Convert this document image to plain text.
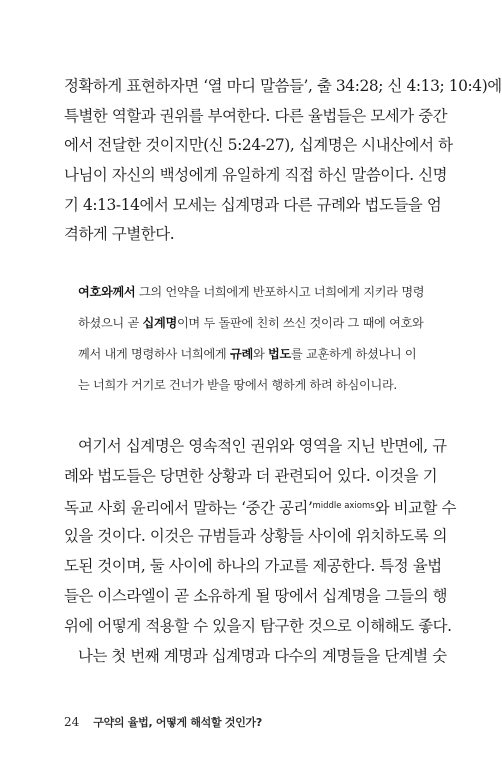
정확하게 표현하자면 ‘열 마디 말씀들’, 출 34:28; 신 4:13; 10:4)에
특별한 역할과 권위를 부여한다. 다른 율법들은 모세가 중간
에서 전달한 것이지만(신 5:24-27), 십계명은 시내산에서 하
나님이 자신의 백성에게 유일하게 직접 하신 말씀이다. 신명
기 4:13-14에서 모세는 십계명과 다른 규례와 법도들을 엄
격하게 구별한다.
여호와께서 그의 언약을 너희에게 반포하시고 너희에게 지키라 명령
하셨으니 곧 십계명이며 두 돌판에 친히 쓰신 것이라 그 때에 여호와
께서 내게 명령하사 너희에게 규례와 법도를 교훈하게 하셨나니 이
는 너희가 거기로 건너가 받을 땅에서 행하게 하려 하심이니라.
여기서 십계명은 영속적인 권위와 영역을 지닌 반면에, 규
례와 법도들은 당면한 상황과 더 관련되어 있다. 이것을 기
독교 사회 윤리에서 말하는 ‘중간 공리’$^{middle axioms}$와 비교할 수
있을 것이다. 이것은 규범들과 상황들 사이에 위치하도록 의
도된 것이며, 둘 사이에 하나의 가교를 제공한다. 특정 율법
들은 이스라엘이 곧 소유하게 될 땅에서 십계명을 그들의 행
위에 어떻게 적용할 수 있을지 탐구한 것으로 이해해도 좋다.
나는 첫 번째 계명과 십계명과 다수의 계명들을 단계별 숫
24 구약의 율법, 어떻게 해석할 것인가?
